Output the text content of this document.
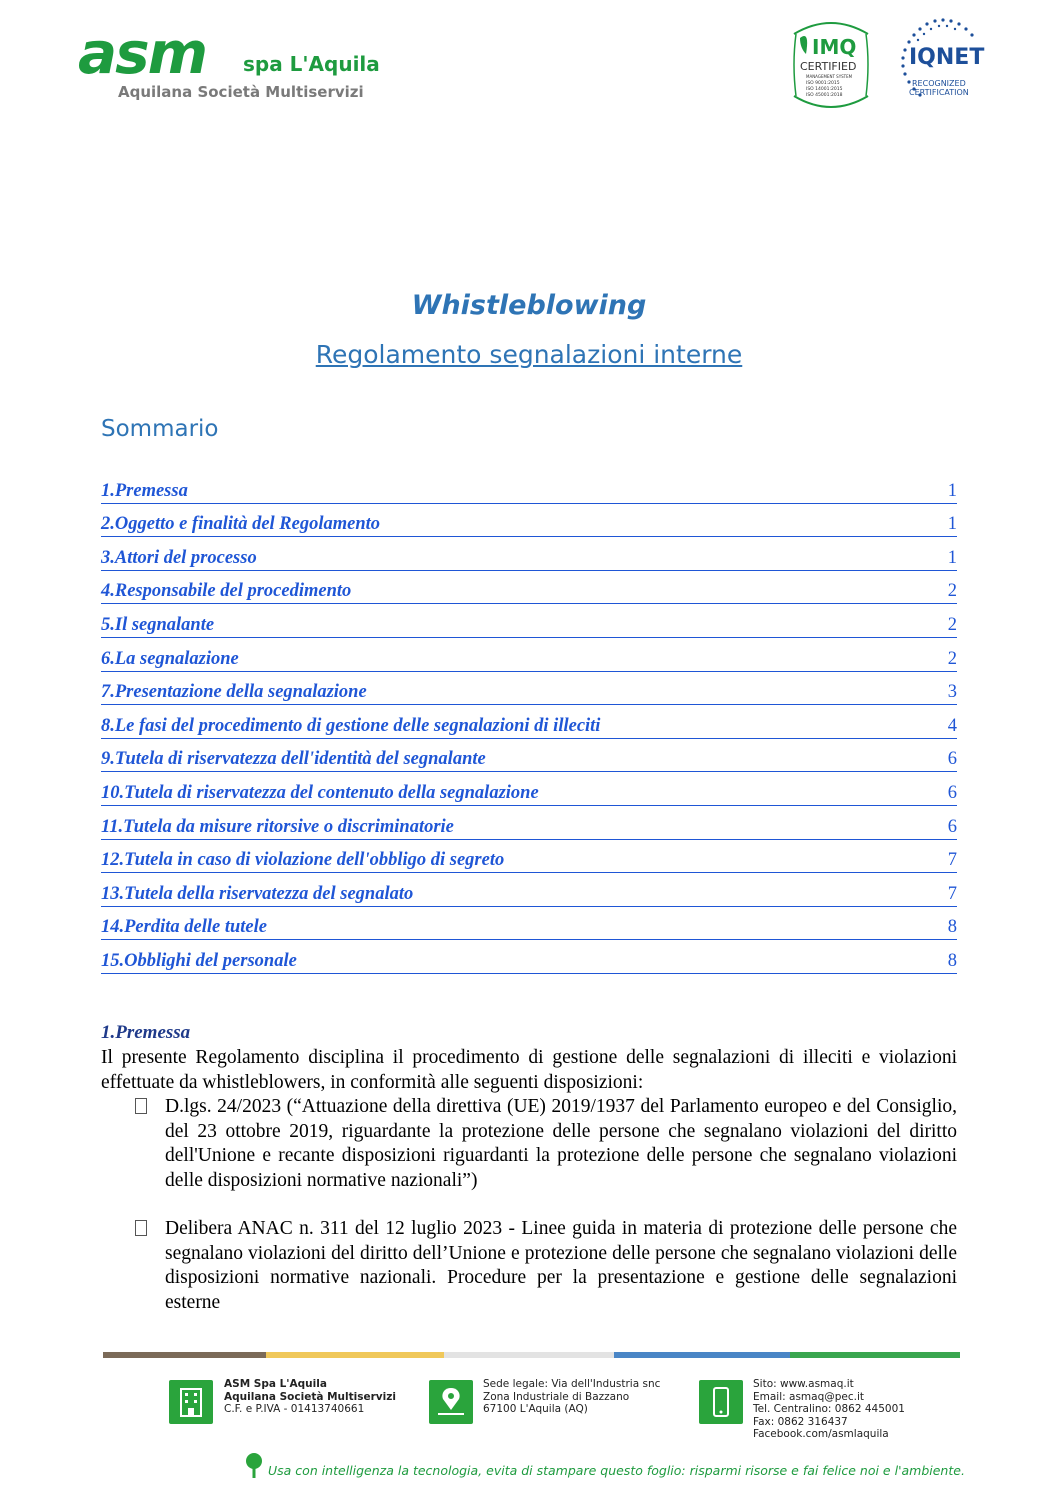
asm spa L'Aquila
Aquilana Società Multiservizi
IMQ
CERTIFIED
MANAGEMENT SYSTEM
ISO 9001:2015
ISO 14001:2015
ISO 45001:2018
IQNET
RECOGNIZED
CERTIFICATION
Whistleblowing
Regolamento segnalazioni interne
Sommario
1.Premessa	1
2.Oggetto e finalità del Regolamento	1
3.Attori del processo	1
4.Responsabile del procedimento	2
5.Il segnalante	2
6.La segnalazione	2
7.Presentazione della segnalazione	3
8.Le fasi del procedimento di gestione delle segnalazioni di illeciti	4
9.Tutela di riservatezza dell'identità del segnalante	6
10.Tutela di riservatezza del contenuto della segnalazione	6
11.Tutela da misure ritorsive o discriminatorie	6
12.Tutela in caso di violazione dell'obbligo di segreto	7
13.Tutela della riservatezza del segnalato	7
14.Perdita delle tutele	8
15.Obblighi del personale	8
1.Premessa
Il presente Regolamento disciplina il procedimento di gestione delle segnalazioni di illeciti e violazioni effettuate da whistleblowers, in conformità alle seguenti disposizioni:
D.lgs. 24/2023 (“Attuazione della direttiva (UE) 2019/1937 del Parlamento europeo e del Consiglio, del 23 ottobre 2019, riguardante la protezione delle persone che segnalano violazioni del diritto dell'Unione e recante disposizioni riguardanti la protezione delle persone che segnalano violazioni delle disposizioni normative nazionali”)
Delibera ANAC n. 311 del 12 luglio 2023 - Linee guida in materia di protezione delle persone che segnalano violazioni del diritto dell’Unione e protezione delle persone che segnalano violazioni delle disposizioni normative nazionali. Procedure per la presentazione e gestione delle segnalazioni esterne
ASM Spa L'Aquila
Aquilana Società Multiservizi
C.F. e P.IVA - 01413740661
Sede legale: Via dell'Industria snc
Zona Industriale di Bazzano
67100 L'Aquila (AQ)
Sito: www.asmaq.it
Email: asmaq@pec.it
Tel. Centralino: 0862 445001
Fax: 0862 316437
Facebook.com/asmlaquila
Usa con intelligenza la tecnologia, evita di stampare questo foglio: risparmi risorse e fai felice noi e l'ambiente.
